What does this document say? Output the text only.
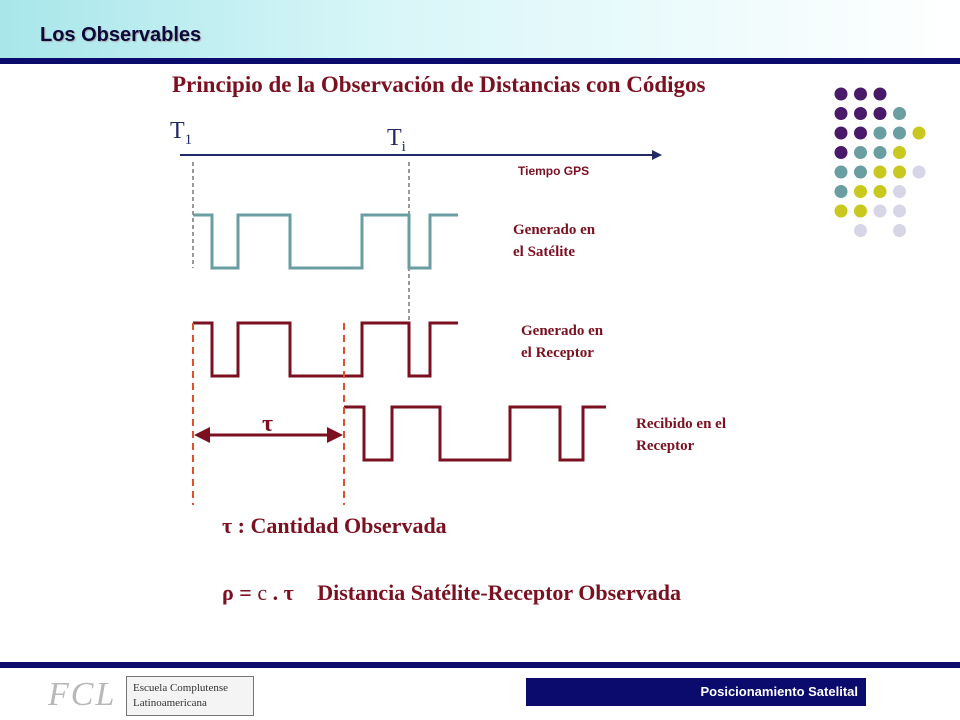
Los Observables
Principio de la Observación de Distancias con Códigos
$T_1$	$T_i$
τ
Tiempo GPS
Generado en
el Satélite
Generado en
el Receptor
Recibido en el
Receptor
τ : Cantidad Observada
ρ = c . τ Distancia Satélite-Receptor Observada
FCL Escuela Complutense
Latinoamericana
Posicionamiento Satelital
